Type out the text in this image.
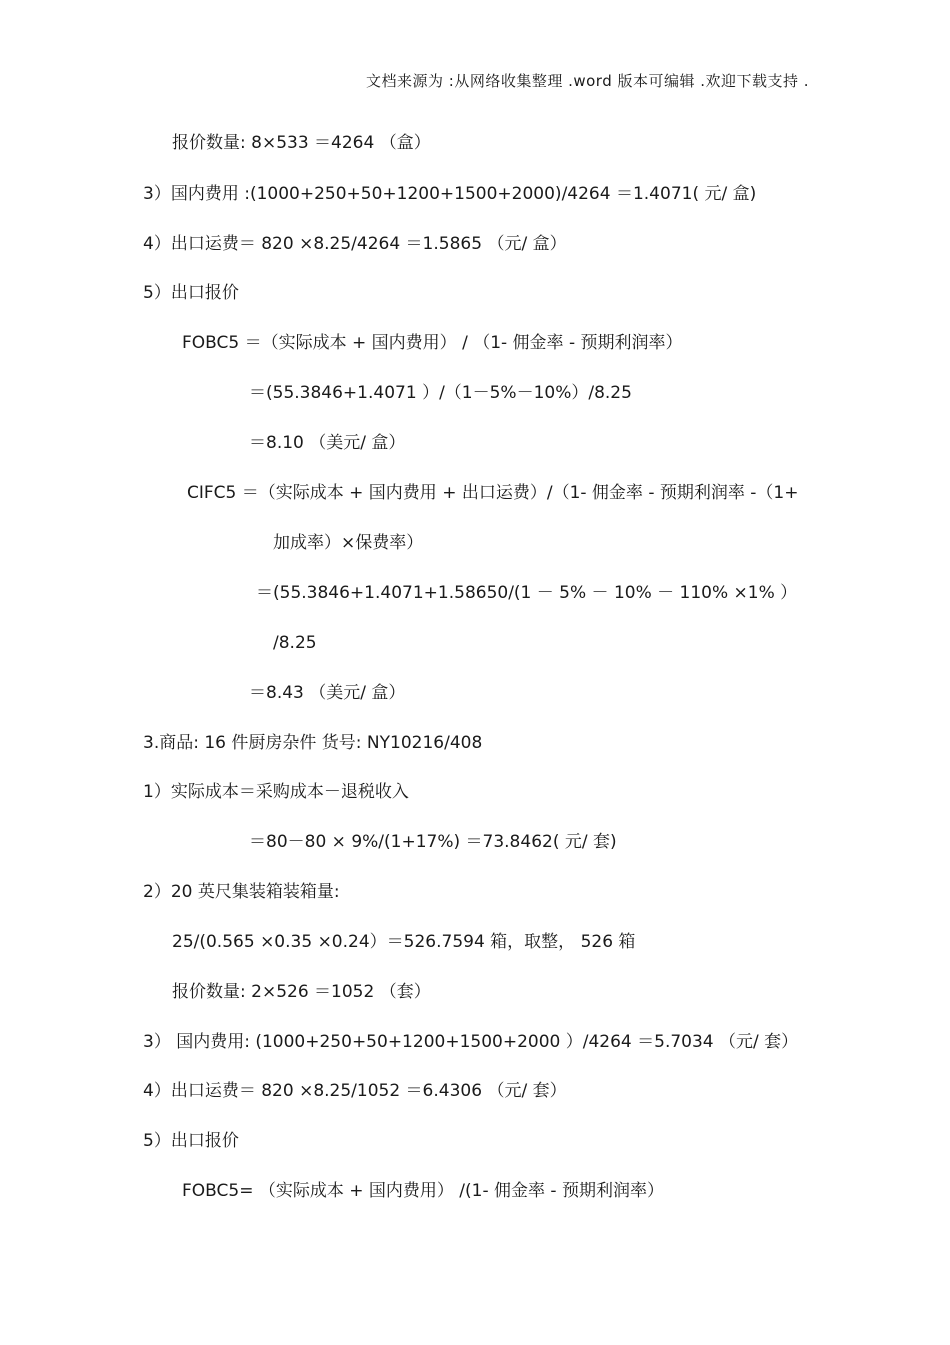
文档来源为 :从网络收集整理 .word 版本可编辑 .欢迎下载支持 .
报价数量: 8×533 ＝4264 （盒）
3）国内费用 :(1000+250+50+1200+1500+2000)/4264 ＝1.4071( 元/ 盒)
4）出口运费＝ 820 ×8.25/4264 ＝1.5865 （元/ 盒）
5）出口报价
FOBC5 ＝（实际成本 + 国内费用） / （1- 佣金率 - 预期利润率）
＝(55.3846+1.4071 ）/（1－5%－10%）/8.25
＝8.10 （美元/ 盒）
CIFC5 ＝（实际成本 + 国内费用 + 出口运费）/（1- 佣金率 - 预期利润率 -（1+
加成率）×保费率）
＝(55.3846+1.4071+1.58650/(1 － 5% － 10% － 110% ×1% ）
/8.25
＝8.43 （美元/ 盒）
3.商品: 16 件厨房杂件 货号: NY10216/408
1）实际成本＝采购成本－退税收入
＝80－80 × 9%/(1+17%) ＝73.8462( 元/ 套)
2）20 英尺集装箱装箱量:
25/(0.565 ×0.35 ×0.24）＝526.7594 箱，取整， 526 箱
报价数量: 2×526 ＝1052 （套）
3） 国内费用: (1000+250+50+1200+1500+2000 ）/4264 ＝5.7034 （元/ 套）
4）出口运费＝ 820 ×8.25/1052 ＝6.4306 （元/ 套）
5）出口报价
FOBC5= （实际成本 + 国内费用） /(1- 佣金率 - 预期利润率）
